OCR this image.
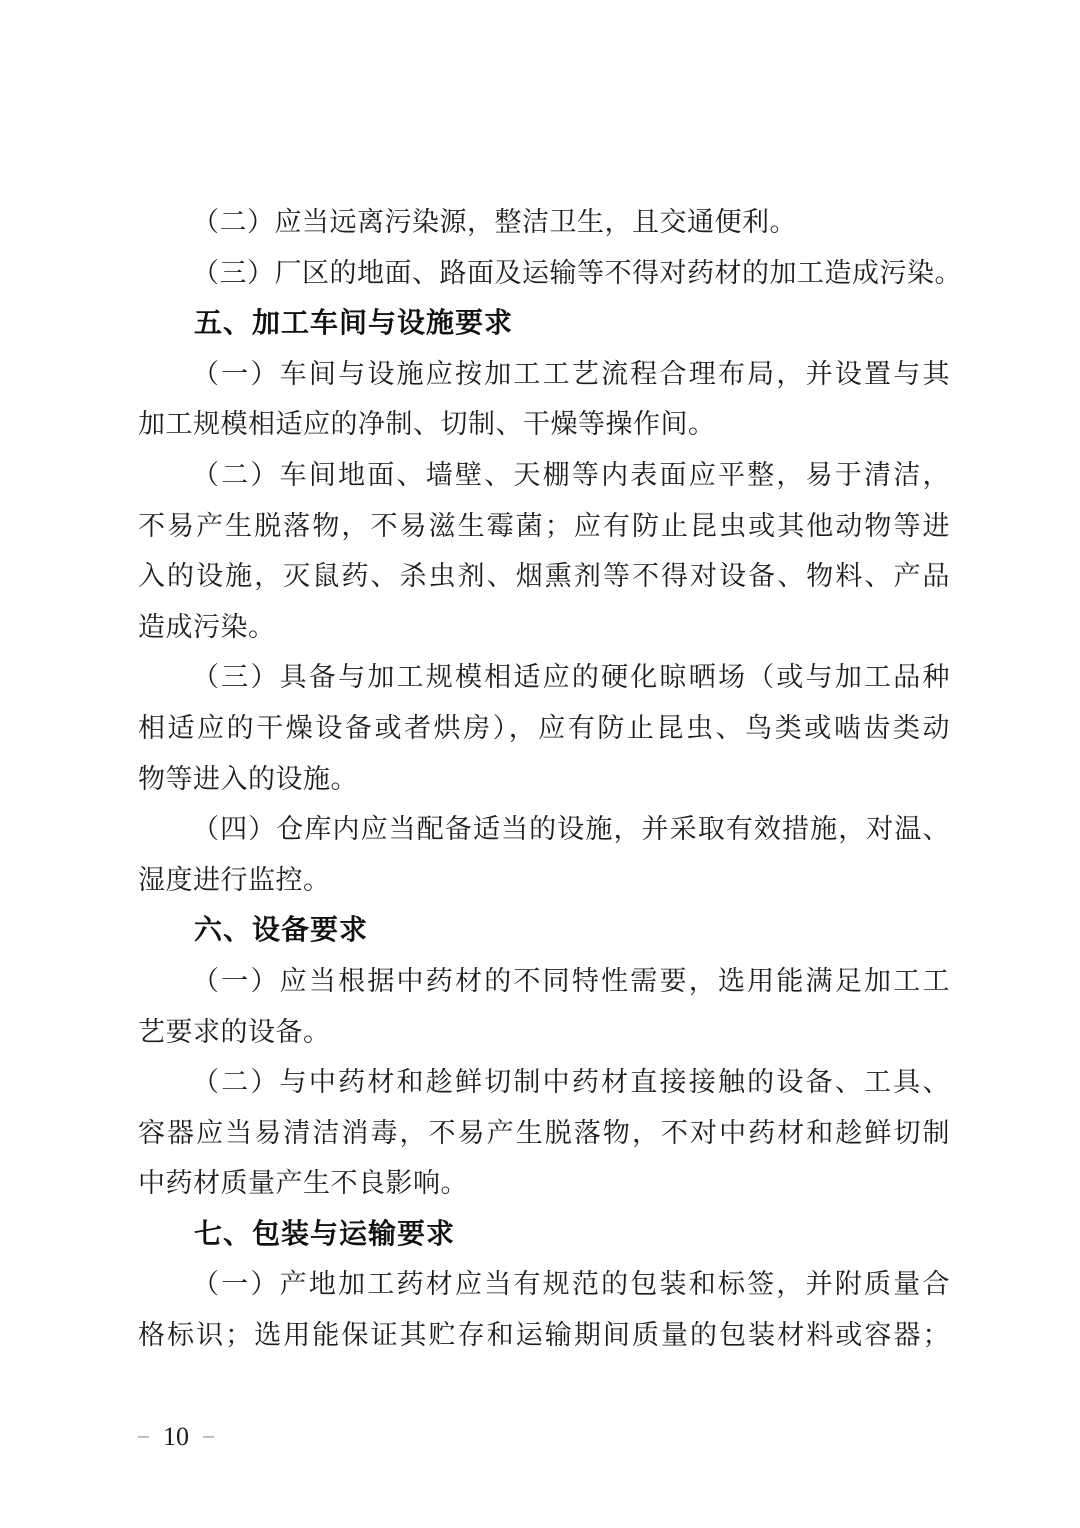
（二）应当远离污染源，整洁卫生，且交通便利。
（三）厂区的地面、路面及运输等不得对药材的加工造成污染。
五、加工车间与设施要求
（一）车间与设施应按加工工艺流程合理布局，并设置与其
加工规模相适应的净制、切制、干燥等操作间。
（二）车间地面、墙壁、天棚等内表面应平整，易于清洁，
不易产生脱落物，不易滋生霉菌；应有防止昆虫或其他动物等进
入的设施，灭鼠药、杀虫剂、烟熏剂等不得对设备、物料、产品
造成污染。
（三）具备与加工规模相适应的硬化晾晒场（或与加工品种
相适应的干燥设备或者烘房），应有防止昆虫、鸟类或啮齿类动
物等进入的设施。
（四）仓库内应当配备适当的设施，并采取有效措施，对温、
湿度进行监控。
六、设备要求
（一）应当根据中药材的不同特性需要，选用能满足加工工
艺要求的设备。
（二）与中药材和趁鲜切制中药材直接接触的设备、工具、
容器应当易清洁消毒，不易产生脱落物，不对中药材和趁鲜切制
中药材质量产生不良影响。
七、包装与运输要求
（一）产地加工药材应当有规范的包装和标签，并附质量合
格标识；选用能保证其贮存和运输期间质量的包装材料或容器；
– 10 –
